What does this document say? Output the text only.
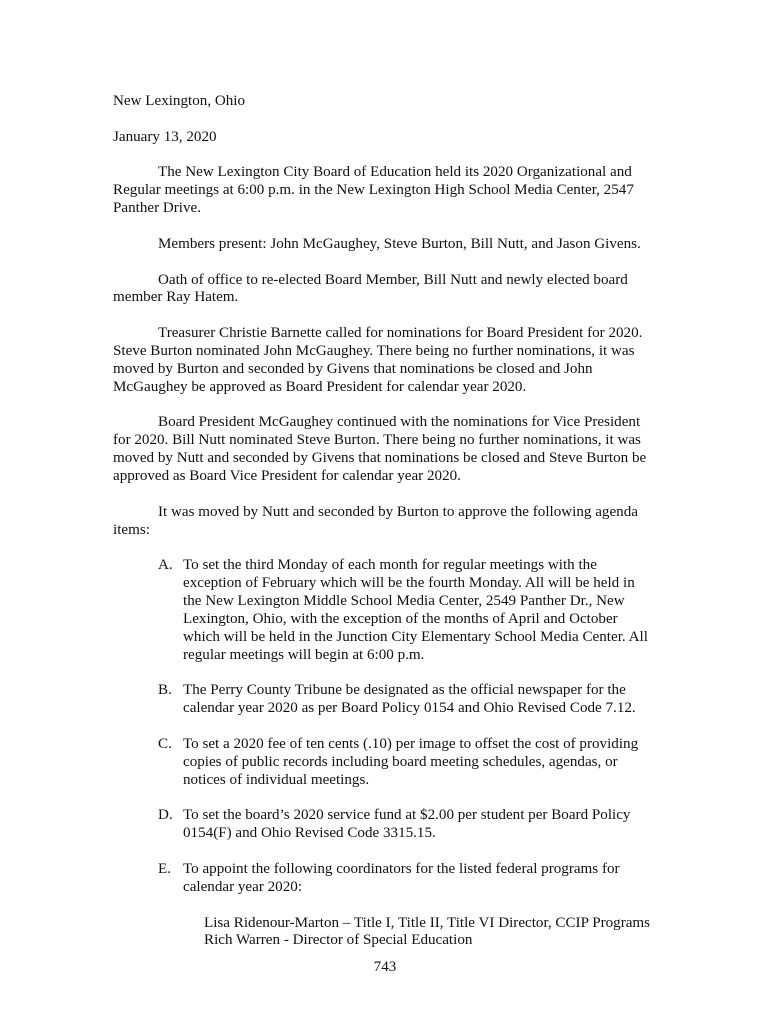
New Lexington, Ohio
January 13, 2020
The New Lexington City Board of Education held its 2020 Organizational and
Regular meetings at 6:00 p.m. in the New Lexington High School Media Center, 2547
Panther Drive.
Members present: John McGaughey, Steve Burton, Bill Nutt, and Jason Givens.
Oath of office to re-elected Board Member, Bill Nutt and newly elected board
member Ray Hatem.
Treasurer Christie Barnette called for nominations for Board President for 2020.
Steve Burton nominated John McGaughey. There being no further nominations, it was
moved by Burton and seconded by Givens that nominations be closed and John
McGaughey be approved as Board President for calendar year 2020.
Board President McGaughey continued with the nominations for Vice President
for 2020. Bill Nutt nominated Steve Burton. There being no further nominations, it was
moved by Nutt and seconded by Givens that nominations be closed and Steve Burton be
approved as Board Vice President for calendar year 2020.
It was moved by Nutt and seconded by Burton to approve the following agenda
items:
A. To set the third Monday of each month for regular meetings with the
exception of February which will be the fourth Monday. All will be held in
the New Lexington Middle School Media Center, 2549 Panther Dr., New
Lexington, Ohio, with the exception of the months of April and October
which will be held in the Junction City Elementary School Media Center. All
regular meetings will begin at 6:00 p.m.
B. The Perry County Tribune be designated as the official newspaper for the
calendar year 2020 as per Board Policy 0154 and Ohio Revised Code 7.12.
C. To set a 2020 fee of ten cents (.10) per image to offset the cost of providing
copies of public records including board meeting schedules, agendas, or
notices of individual meetings.
D. To set the board’s 2020 service fund at $2.00 per student per Board Policy
0154(F) and Ohio Revised Code 3315.15.
E. To appoint the following coordinators for the listed federal programs for
calendar year 2020:
Lisa Ridenour-Marton – Title I, Title II, Title VI Director, CCIP Programs
Rich Warren - Director of Special Education
743
